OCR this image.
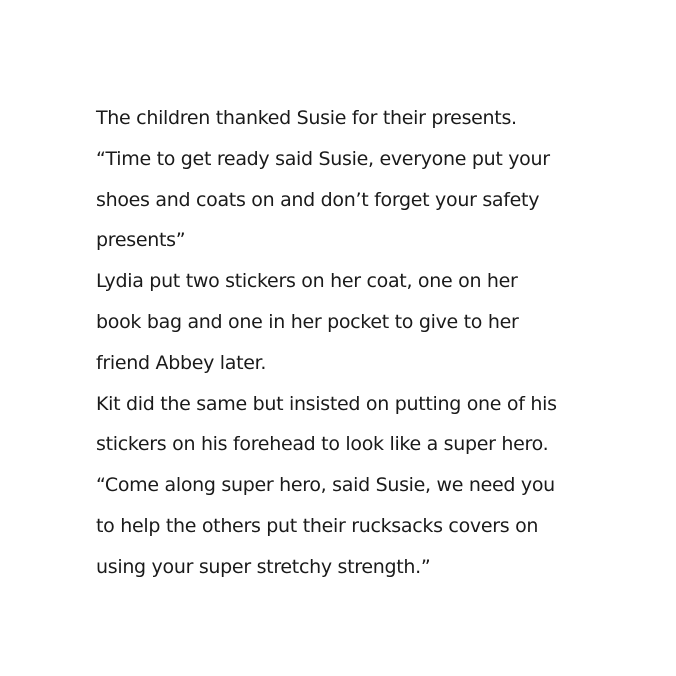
The children thanked Susie for their presents.
“Time to get ready said Susie, everyone put your
shoes and coats on and don’t forget your safety
presents”
Lydia put two stickers on her coat, one on her
book bag and one in her pocket to give to her
friend Abbey later.
Kit did the same but insisted on putting one of his
stickers on his forehead to look like a super hero.
“Come along super hero, said Susie, we need you
to help the others put their rucksacks covers on
using your super stretchy strength.”
